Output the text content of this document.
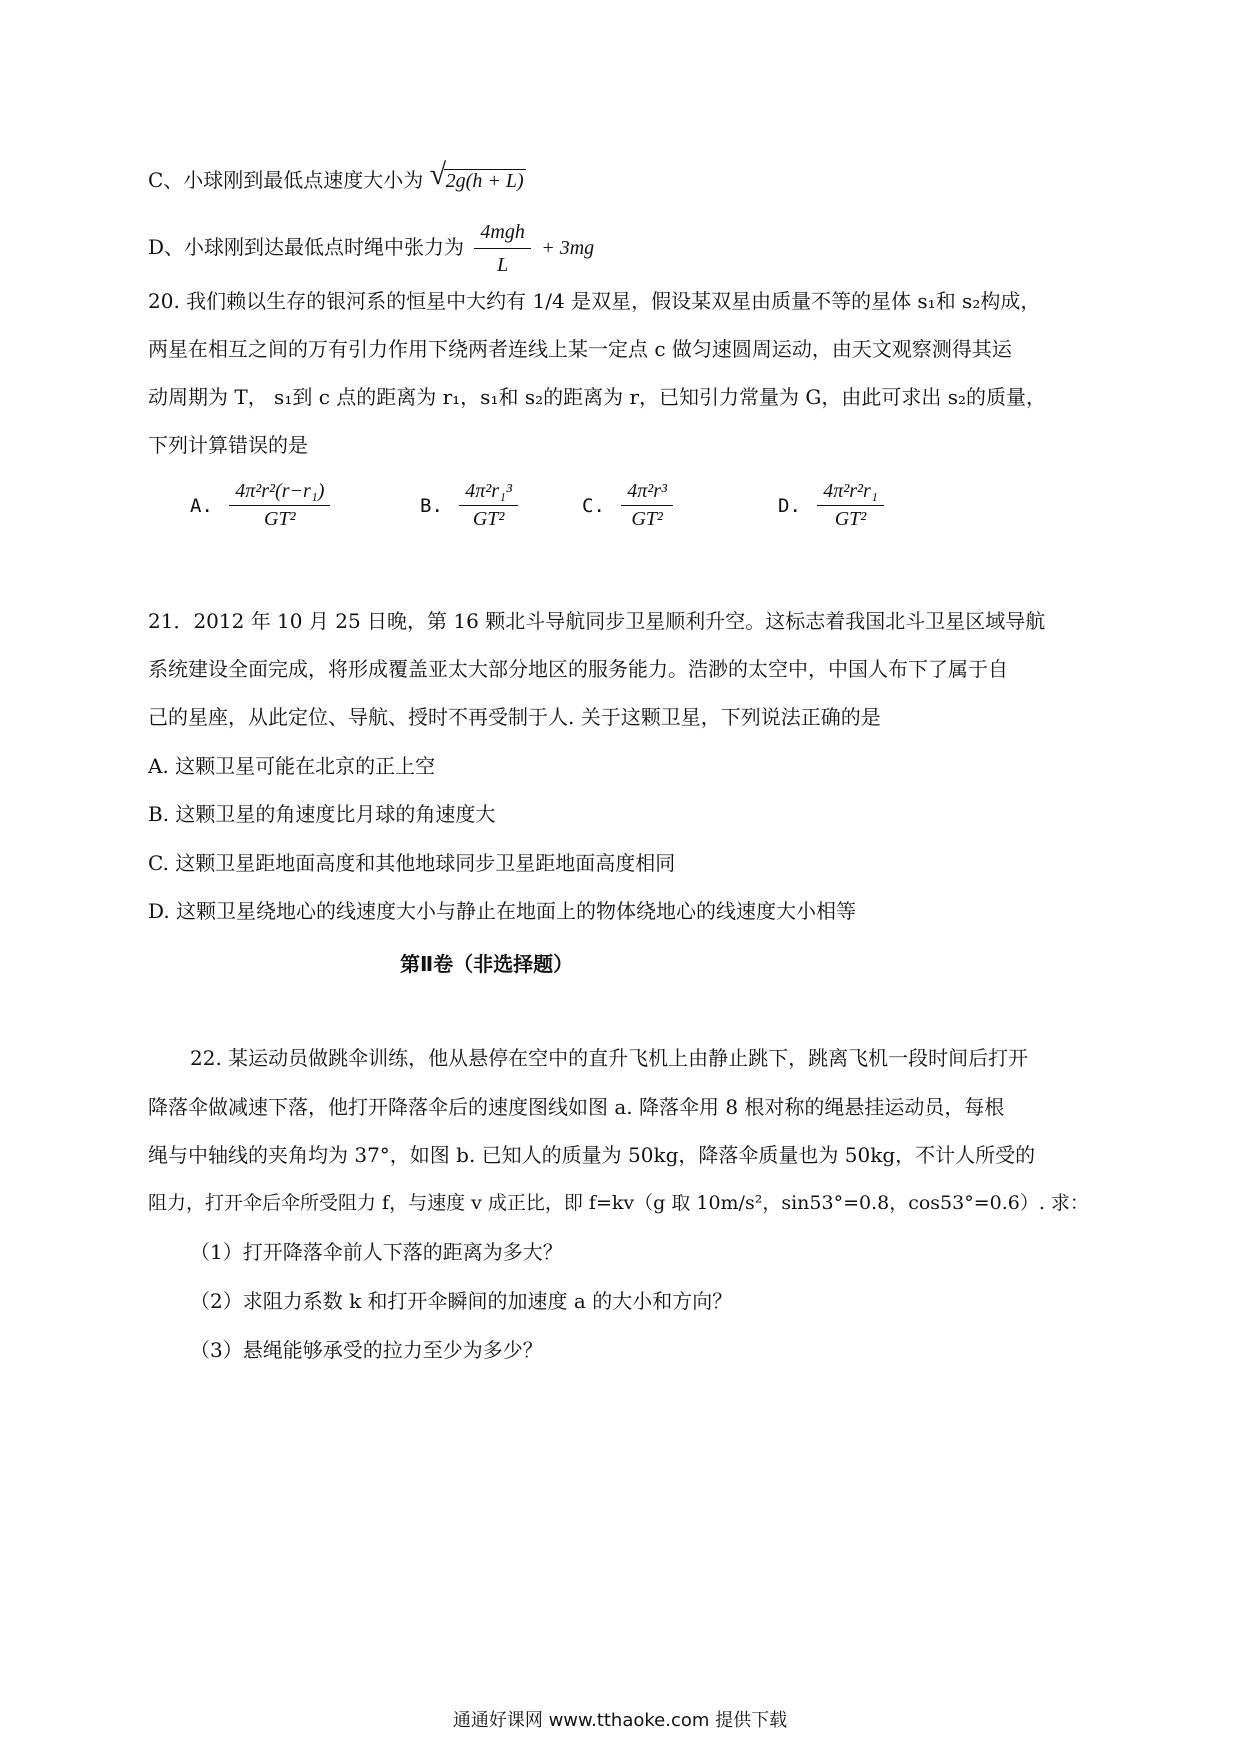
C、小球刚到最低点速度大小为 √ 2g(h + L)
D、小球刚到达最低点时绳中张力为 $\frac{\text{4mgh}}{L} + 3mg$
20. 我们赖以生存的银河系的恒星中大约有 1/4 是双星，假设某双星由质量不等的星体 s₁和 s₂构成，
两星在相互之间的万有引力作用下绕两者连线上某一定点 c 做匀速圆周运动，由天文观察测得其运
动周期为 T， s₁到 c 点的距离为 r₁，s₁和 s₂的距离为 r，已知引力常量为 G，由此可求出 s₂的质量，
下列计算错误的是
A. $\frac{\text{4π²r²(r−r₁)}}{\text{GT²}}$	B. $\frac{\text{4π²r₁³}}{\text{GT²}}$	C. $\frac{\text{4π²r³}}{\text{GT²}}$	D. $\frac{\text{4π²r²r₁}}{\text{GT²}}$
21．2012 年 10 月 25 日晚，第 16 颗北斗导航同步卫星顺利升空。这标志着我国北斗卫星区域导航
系统建设全面完成，将形成覆盖亚太大部分地区的服务能力。浩渺的太空中，中国人布下了属于自
己的星座，从此定位、导航、授时不再受制于人. 关于这颗卫星，下列说法正确的是
A. 这颗卫星可能在北京的正上空
B. 这颗卫星的角速度比月球的角速度大
C. 这颗卫星距地面高度和其他地球同步卫星距地面高度相同
D. 这颗卫星绕地心的线速度大小与静止在地面上的物体绕地心的线速度大小相等
第Ⅱ卷（非选择题）
22. 某运动员做跳伞训练，他从悬停在空中的直升飞机上由静止跳下，跳离飞机一段时间后打开
降落伞做减速下落，他打开降落伞后的速度图线如图 a. 降落伞用 8 根对称的绳悬挂运动员，每根
绳与中轴线的夹角均为 37°，如图 b. 已知人的质量为 50kg，降落伞质量也为 50kg，不计人所受的
阻力，打开伞后伞所受阻力 f，与速度 v 成正比，即 f=kv（g 取 10m/s²，sin53°=0.8，cos53°=0.6）. 求：
（1）打开降落伞前人下落的距离为多大？
（2）求阻力系数 k 和打开伞瞬间的加速度 a 的大小和方向？
（3）悬绳能够承受的拉力至少为多少？
通通好课网 www.tthaoke.com 提供下载
